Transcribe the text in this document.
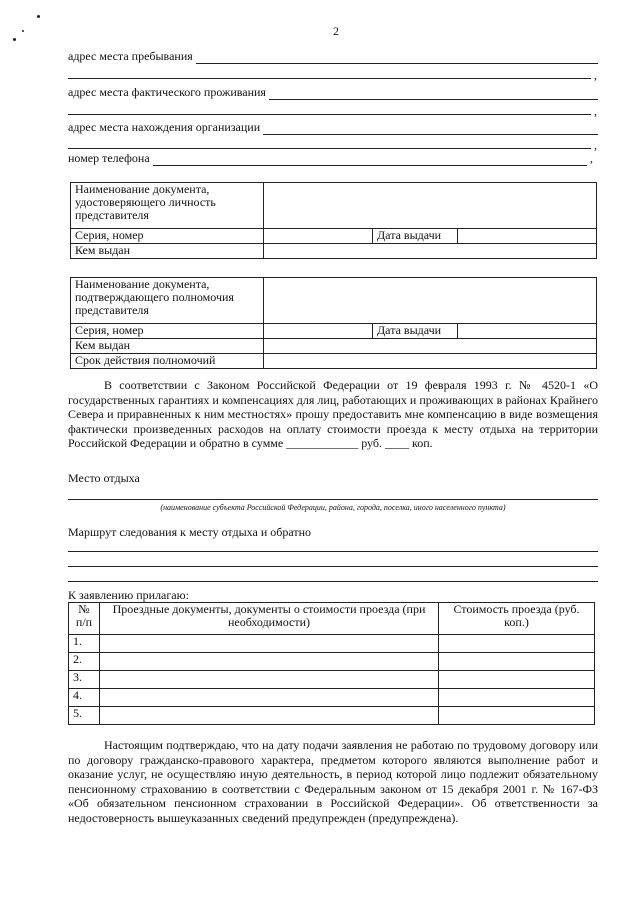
2
адрес места пребывания
,
адрес места фактического проживания
,
адрес места нахождения организации
,
номер телефона	,
Наименование документа, удостоверяющего личность представителя			
Серия, номер		Дата выдачи	
Кем выдан			
Наименование документа, подтверждающего полномочия представителя			
Серия, номер		Дата выдачи	
Кем выдан			
Срок действия полномочий			

В соответствии с Законом Российской Федерации от 19 февраля 1993 г. № 4520-1 «О государственных гарантиях и компенсациях для лиц, работающих и проживающих в районах Крайнего Севера и приравненных к ним местностях» прошу предоставить мне компенсацию в виде возмещения фактически произведенных расходов на оплату стоимости проезда к месту отдыха на территории Российской Федерации и обратно в сумме ____________ руб. ____ коп.

Место отдыха
(наименование субъекта Российской Федерации, района, города, поселка, иного населенного пункта)
Маршрут следования к месту отдыха и обратно
К заявлению прилагаю:
№ п/п	Проездные документы, документы о стоимости проезда (при необходимости)	Стоимость проезда (руб. коп.)
1.		
2.		
3.		
4.		
5.		

Настоящим подтверждаю, что на дату подачи заявления не работаю по трудовому договору или по договору гражданско-правового характера, предметом которого являются выполнение работ и оказание услуг, не осуществляю иную деятельность, в период которой лицо подлежит обязательному пенсионному страхованию в соответствии с Федеральным законом от 15 декабря 2001 г. № 167-ФЗ «Об обязательном пенсионном страховании в Российской Федерации». Об ответственности за недостоверность вышеуказанных сведений предупрежден (предупреждена).
